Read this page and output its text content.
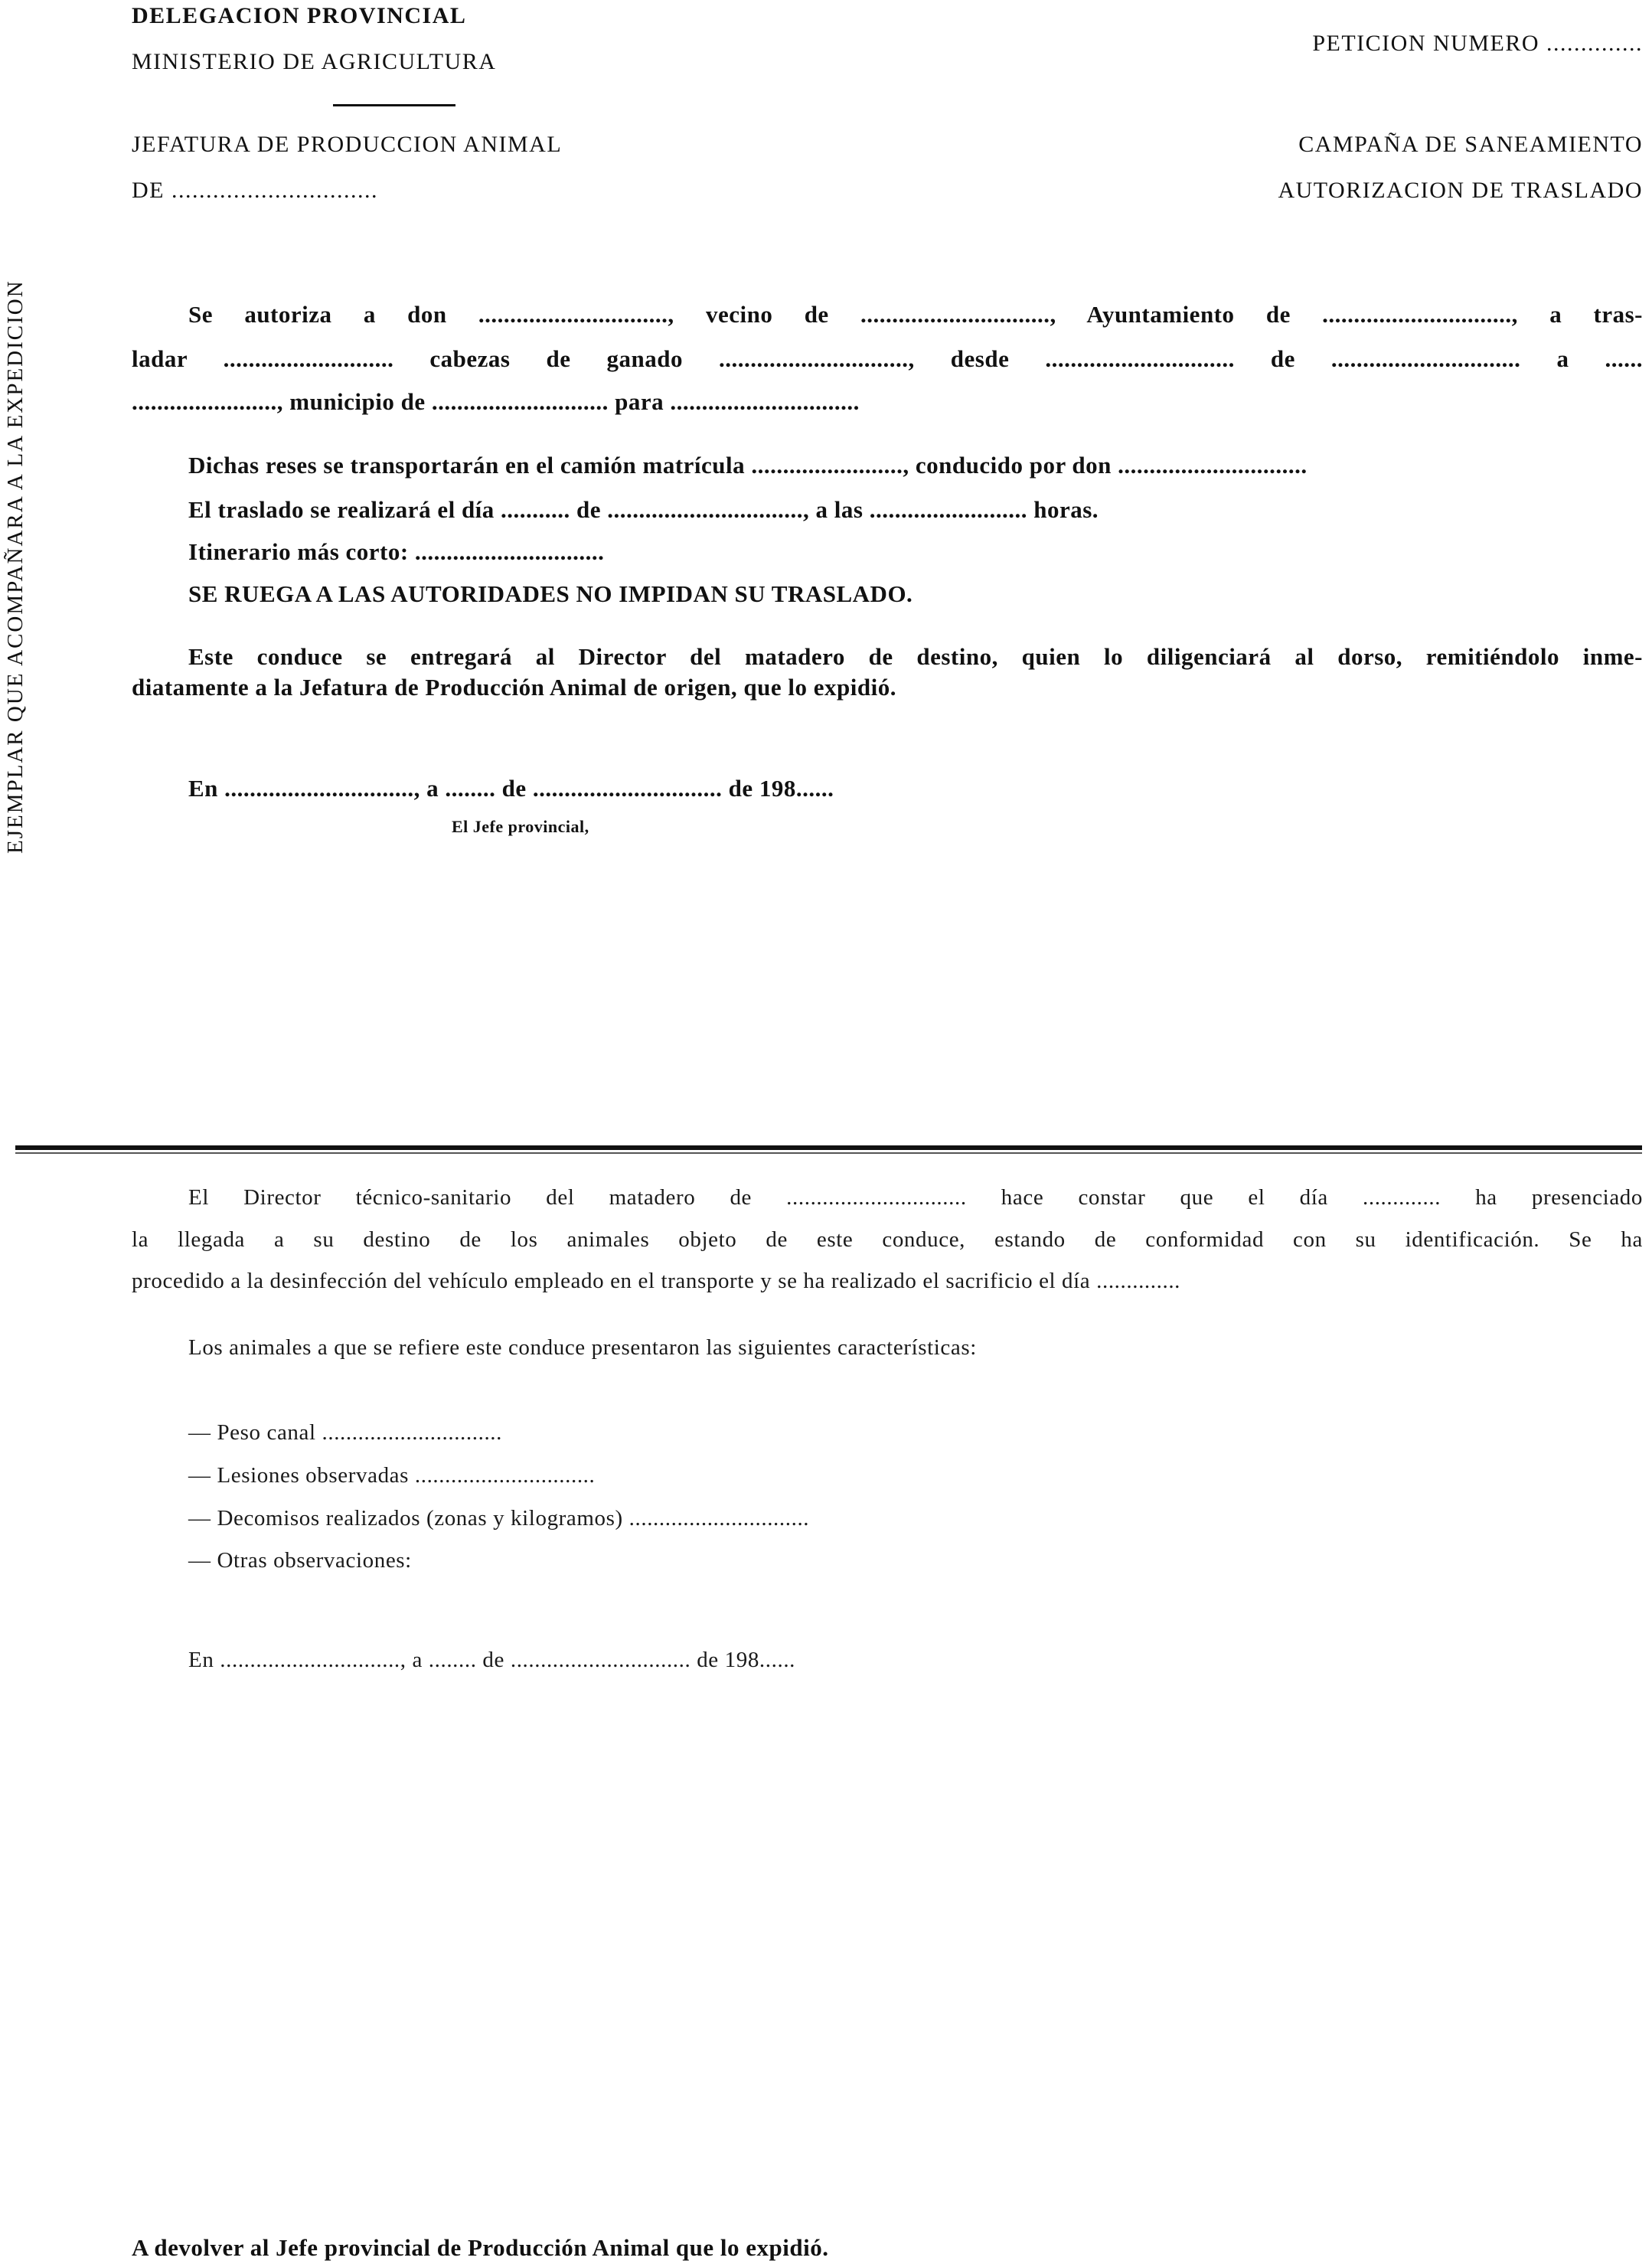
EJEMPLAR QUE ACOMPAÑARA A LA EXPEDICION
DELEGACION PROVINCIAL
MINISTERIO DE AGRICULTURA
JEFATURA DE PRODUCCION ANIMAL
DE ..............................
PETICION NUMERO ..............
CAMPAÑA DE SANEAMIENTO
AUTORIZACION DE TRASLADO
Se autoriza a don .............................., vecino de .............................., Ayuntamiento de .............................., a tras-
ladar ........................... cabezas de ganado .............................., desde .............................. de .............................. a ......
......................., municipio de ............................ para ..............................
Dichas reses se transportarán en el camión matrícula ........................, conducido por don ..............................
El traslado se realizará el día ........... de ..............................., a las ......................... horas.
Itinerario más corto: ..............................
SE RUEGA A LAS AUTORIDADES NO IMPIDAN SU TRASLADO.
Este conduce se entregará al Director del matadero de destino, quien lo diligenciará al dorso, remitiéndolo inme-
diatamente a la Jefatura de Producción Animal de origen, que lo expidió.
En .............................., a ........ de .............................. de 198......
El Jefe provincial,
El Director técnico-sanitario del matadero de .............................. hace constar que el día ............. ha presenciado
la llegada a su destino de los animales objeto de este conduce, estando de conformidad con su identificación. Se ha
procedido a la desinfección del vehículo empleado en el transporte y se ha realizado el sacrificio el día ..............
Los animales a que se refiere este conduce presentaron las siguientes características:
— Peso canal ..............................
— Lesiones observadas ..............................
— Decomisos realizados (zonas y kilogramos) ..............................
— Otras observaciones:
En .............................., a ........ de .............................. de 198......
A devolver al Jefe provincial de Producción Animal que lo expidió.
